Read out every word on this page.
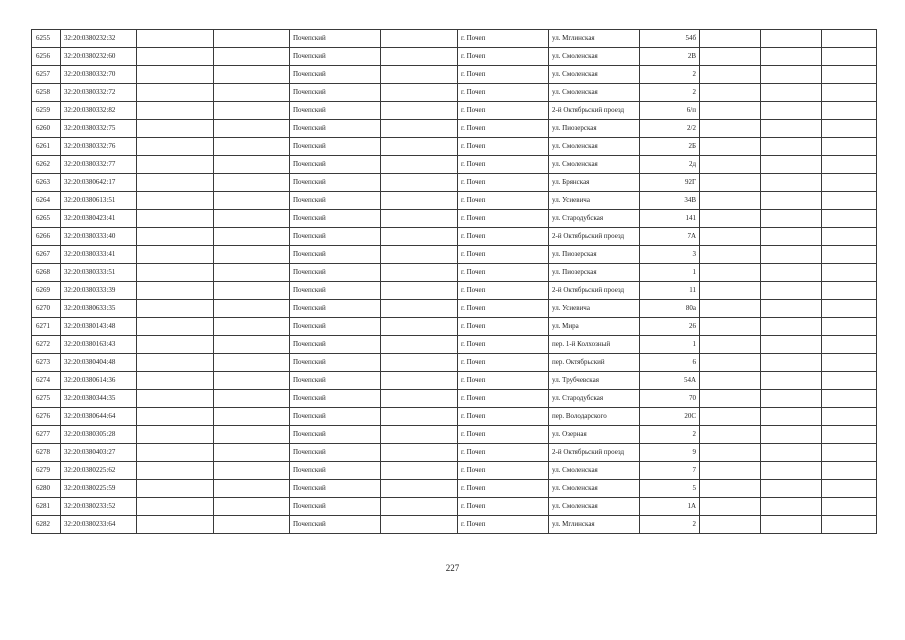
6255	32:20:0380232:32			Почепский		г. Почеп	ул. Мглинская	54б			
6256	32:20:0380232:60			Почепский		г. Почеп	ул. Смоленская	2В			
6257	32:20:0380332:70			Почепский		г. Почеп	ул. Смоленская	2			
6258	32:20:0380332:72			Почепский		г. Почеп	ул. Смоленская	2			
6259	32:20:0380332:82			Почепский		г. Почеп	2-й Октябрьский проезд	6/п			
6260	32:20:0380332:75			Почепский		г. Почеп	ул. Пиозерская	2/2			
6261	32:20:0380332:76			Почепский		г. Почеп	ул. Смоленская	2Б			
6262	32:20:0380332:77			Почепский		г. Почеп	ул. Смоленская	2д			
6263	32:20:0380642:17			Почепский		г. Почеп	ул. Брянская	92Г			
6264	32:20:0380613:51			Почепский		г. Почеп	ул. Усиевича	34В			
6265	32:20:0380423:41			Почепский		г. Почеп	ул. Стародубская	141			
6266	32:20:0380333:40			Почепский		г. Почеп	2-й Октябрьский проезд	7А			
6267	32:20:0380333:41			Почепский		г. Почеп	ул. Пиозерская	3			
6268	32:20:0380333:51			Почепский		г. Почеп	ул. Пиозерская	1			
6269	32:20:0380333:39			Почепский		г. Почеп	2-й Октябрьский проезд	11			
6270	32:20:0380633:35			Почепский		г. Почеп	ул. Усиевича	80а			
6271	32:20:0380143:48			Почепский		г. Почеп	ул. Мира	26			
6272	32:20:0380163:43			Почепский		г. Почеп	пер. 1-й Колхозный	1			
6273	32:20:0380404:48			Почепский		г. Почеп	пер. Октябрьский	6			
6274	32:20:0380614:36			Почепский		г. Почеп	ул. Трубчевская	54А			
6275	32:20:0380344:35			Почепский		г. Почеп	ул. Стародубская	70			
6276	32:20:0380644:64			Почепский		г. Почеп	пер. Володарского	20С			
6277	32:20:0380305:28			Почепский		г. Почеп	ул. Озерная	2			
6278	32:20:0380403:27			Почепский		г. Почеп	2-й Октябрьский проезд	9			
6279	32:20:0380225:62			Почепский		г. Почеп	ул. Смоленская	7			
6280	32:20:0380225:59			Почепский		г. Почеп	ул. Смоленская	5			
6281	32:20:0380233:52			Почепский		г. Почеп	ул. Смоленская	1А			
6282	32:20:0380233:64			Почепский		г. Почеп	ул. Мглинская	2			
227
